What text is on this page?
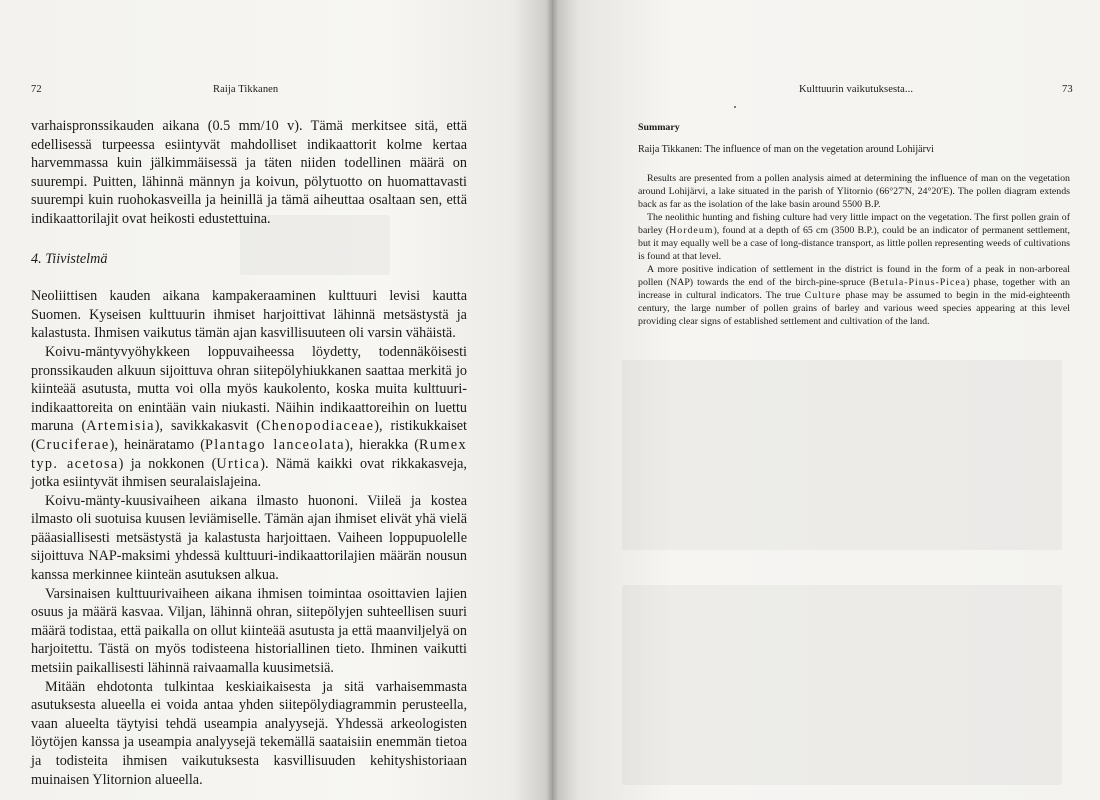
72	Raija Tikkanen

varhaispronssikauden aikana (0.5 mm/10 v). Tämä merkitsee sitä, että edellisessä turpeessa esiintyvät mahdolliset indikaattorit kolme kertaa harvemmassa kuin jälkimmäisessä ja täten niiden todellinen määrä on suurempi. Puitten, lähinnä männyn ja koivun, pölytuotto on huomattavasti suurempi kuin ruohokasveilla ja heinillä ja tämä aiheuttaa osaltaan sen, että indikaattorilajit ovat heikosti edustettuina.

4. Tiivistelmä

Neoliittisen kauden aikana kampakeraaminen kulttuuri levisi kautta Suomen. Kyseisen kulttuurin ihmiset harjoittivat lähinnä metsästystä ja kalastusta. Ihmisen vaikutus tämän ajan kasvillisuuteen oli varsin vähäistä.

Koivu-mäntyvyöhykkeen loppuvaiheessa löydetty, todennäköisesti pronssikauden alkuun sijoittuva ohran siitepölyhiukkanen saattaa merkitä jo kiinteää asutusta, mutta voi olla myös kaukolento, koska muita kulttuuri-indikaattoreita on enintään vain niukasti. Näihin indikaattoreihin on luettu maruna (Artemisia), savikkakasvit (Chenopodiaceae), ristikukkaiset (Cruciferae), heinäratamo (Plantago lanceolata), hierakka (Rumex typ. acetosa) ja nokkonen (Urtica). Nämä kaikki ovat rikkakasveja, jotka esiintyvät ihmisen seuralaislajeina.

Koivu-mänty-kuusivaiheen aikana ilmasto huononi. Viileä ja kostea ilmasto oli suotuisa kuusen leviämiselle. Tämän ajan ihmiset elivät yhä vielä pääasiallisesti metsästystä ja kalastusta harjoittaen. Vaiheen loppupuolelle sijoittuva NAP-maksimi yhdessä kulttuuri-indikaattorilajien määrän nousun kanssa merkinnee kiinteän asutuksen alkua.

Varsinaisen kulttuurivaiheen aikana ihmisen toimintaa osoittavien lajien osuus ja määrä kasvaa. Viljan, lähinnä ohran, siitepölyjen suhteellisen suuri määrä todistaa, että paikalla on ollut kiinteää asutusta ja että maanviljelyä on harjoitettu. Tästä on myös todisteena historiallinen tieto. Ihminen vaikutti metsiin paikallisesti lähinnä raivaamalla kuusimetsiä.

Mitään ehdotonta tulkintaa keskiaikaisesta ja sitä varhaisemmasta asutuksesta alueella ei voida antaa yhden siitepölydiagrammin perusteella, vaan alueelta täytyisi tehdä useampia analyysejä. Yhdessä arkeologisten löytöjen kanssa ja useampia analyysejä tekemällä saataisiin enemmän tietoa ja todisteita ihmisen vaikutuksesta kasvillisuuden kehityshistoriaan muinaisen Ylitornion alueella.

Kulttuurin vaikutuksesta...	73

Summary

Raija Tikkanen: The influence of man on the vegetation around Lohijärvi

Results are presented from a pollen analysis aimed at determining the influence of man on the vegetation around Lohijärvi, a lake situated in the parish of Ylitornio (66°27'N, 24°20'E). The pollen diagram extends back as far as the isolation of the lake basin around 5500 B.P.

The neolithic hunting and fishing culture had very little impact on the vegetation. The first pollen grain of barley (Hordeum), found at a depth of 65 cm (3500 B.P.), could be an indicator of permanent settlement, but it may equally well be a case of long-distance transport, as little pollen representing weeds of cultivations is found at that level.

A more positive indication of settlement in the district is found in the form of a peak in non-arboreal pollen (NAP) towards the end of the birch-pine-spruce (Betula-Pinus-Picea) phase, together with an increase in cultural indicators. The true Culture phase may be assumed to begin in the mid-eighteenth century, the large number of pollen grains of barley and various weed species appearing at this level providing clear signs of established settlement and cultivation of the land.
